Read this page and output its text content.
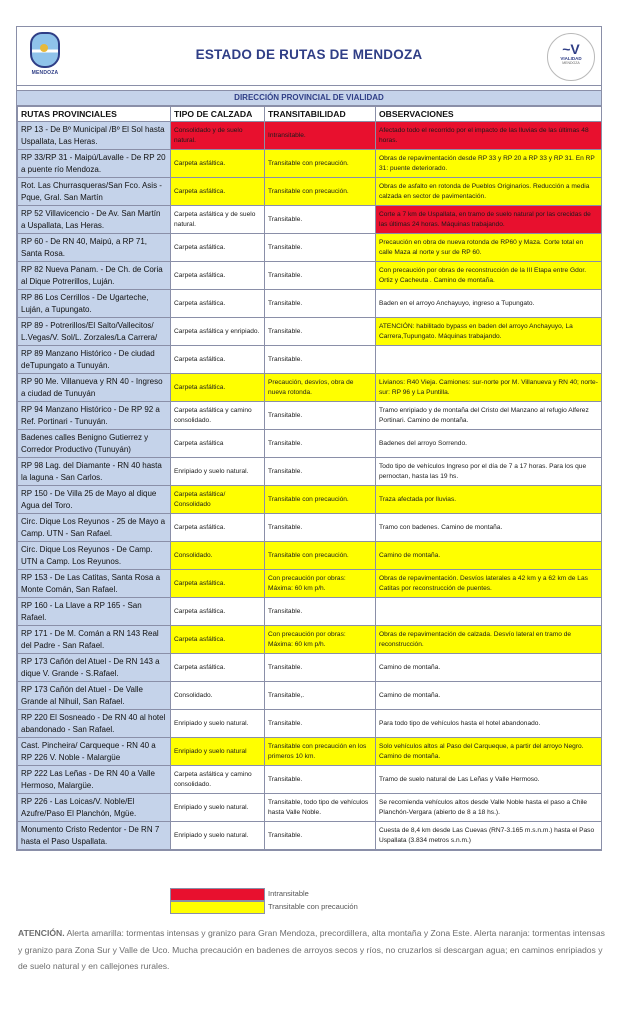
MENDOZA
ESTADO DE RUTAS DE MENDOZA	~V
VIALIDAD
MENDOZA
DIRECCIÓN PROVINCIAL DE VIALIDAD
RUTAS PROVINCIALES	TIPO DE CALZADA	TRANSITABILIDAD	OBSERVACIONES
RP 13 - De Bº Municipal /Bº El Sol hasta Uspallata, Las Heras.	Consolidado y de suelo natural.	Intransitable.	Afectado todo el recorrido por el impacto de las lluvias de las últimas 48 horas.
RP 33/RP 31 - Maipú/Lavalle - De RP 20 a puente río Mendoza.	Carpeta asfáltica.	Transitable con precaución.	Obras de repavimentación desde RP 33 y RP 20 a RP 33 y RP 31. En RP 31: puente deteriorado.
Rot. Las Churrasqueras/San Fco. Asis - Pque, Gral. San Martín	Carpeta asfáltica.	Transitable con precaución.	Obras de asfalto en rotonda de Pueblos Originarios. Reducción a media calzada en sector de pavimentación.
RP 52 Villavicencio - De Av. San Martín a Uspallata, Las Heras.	Carpeta asfáltica y de suelo natural.	Transitable.	Corte a 7 km de Uspallata, en tramo de suelo natural por las crecidas de las últimas 24 horas. Máquinas trabajando.
RP 60 - De RN 40, Maipú, a RP 71, Santa Rosa.	Carpeta asfáltica.	Transitable.	Precaución en obra de nueva rotonda de RP60 y Maza. Corte total en calle Maza al norte y sur de RP 60.
RP 82 Nueva Panam. - De Ch. de Coria al Dique Potrerillos, Luján.	Carpeta asfáltica.	Transitable.	Con precaución por obras de reconstrucción de la III Etapa entre Gdor. Ortiz y Cacheuta . Camino de montaña.
RP 86 Los Cerrillos - De Ugarteche, Luján, a Tupungato.	Carpeta asfáltica.	Transitable.	Baden en el arroyo Anchayuyo, ingreso a Tupungato.
RP 89 - Potrerillos/El Salto/Vallecitos/ L.Vegas/V. Sol/L. Zorzales/La Carrera/	Carpeta asfáltica y enripiado.	Transitable.	ATENCIÓN: habilitado bypass en baden del arroyo Anchayuyo, La Carrera,Tupungato. Máquinas trabajando.
RP 89 Manzano Histórico - De ciudad deTupungato a Tunuyán.	Carpeta asfáltica.	Transitable.	
RP 90 Me. Villanueva y RN 40 - Ingreso a ciudad de Tunuyán	Carpeta asfáltica.	Precaución, desvíos, obra de nueva rotonda.	Livianos: R40 Vieja. Camiones: sur-norte por M. Villanueva y RN 40; norte-sur: RP 96 y La Puntilla.
RP 94 Manzano Histórico - De RP 92 a Ref. Portinari - Tunuyán.	Carpeta asfáltica y camino consolidado.	Transitable.	Tramo enripiado y de montaña del Cristo del Manzano al refugio Alferez Portinari. Camino de montaña.
Badenes calles Benigno Gutierrez y Corredor Productivo (Tunuyán)	Carpeta asfáltica	Transitable.	Badenes del arroyo Sorrendo.
RP 98 Lag. del Diamante - RN 40 hasta la laguna - San Carlos.	Enripiado y suelo natural.	Transitable.	Todo tipo de vehículos Ingreso por el día de 7 a 17 horas. Para los que pernoctan, hasta las 19 hs.
RP 150 - De Villa 25 de Mayo al dique Agua del Toro.	Carpeta asfáltica/ Consolidado	Transitable con precaución.	Traza afectada por lluvias.
Circ. Dique Los Reyunos - 25 de Mayo a Camp. UTN - San Rafael.	Carpeta asfáltica.	Transitable.	Tramo con badenes. Camino de montaña.
Circ. Dique Los Reyunos - De Camp. UTN a Camp. Los Reyunos.	Consolidado.	Transitable con precaución.	Camino de montaña.
RP 153 - De Las Catitas, Santa Rosa a Monte Comán, San Rafael.	Carpeta asfáltica.	Con precaución por obras: Máxima: 60 km p/h.	Obras de repavimentación. Desvíos laterales a 42 km y a 62 km de Las Catitas por reconstrucción de puentes.
RP 160 - La Llave a RP 165 - San Rafael.	Carpeta asfáltica.	Transitable.	
RP 171 - De M. Comán a RN 143 Real del Padre - San Rafael.	Carpeta asfáltica.	Con precaución por obras: Máxima: 60 km p/h.	Obras de repavimentación de calzada. Desvío lateral en tramo de reconstrucción.
RP 173 Cañón del Atuel - De RN 143 a dique V. Grande - S.Rafael.	Carpeta asfáltica.	Transitable.	Camino de montaña.
RP 173 Cañón del Atuel - De Valle Grande al Nihuil, San Rafael.	Consolidado.	Transitable,.	Camino de montaña.
RP 220 El Sosneado - De RN 40 al hotel abandonado - San Rafael.	Enripiado y suelo natural.	Transitable.	Para todo tipo de vehículos hasta el hotel abandonado.
Cast. Pincheira/ Carqueque - RN 40 a RP 226 V. Noble - Malargüe	Enripiado y suelo natural	Transitable con precaución en los primeros 10 km.	Solo vehículos altos al Paso del Carqueque, a partir del arroyo Negro. Camino de montaña.
RP 222 Las Leñas - De RN 40 a Valle Hermoso, Malargüe.	Carpeta asfáltica y camino consolidado.	Transitable.	Tramo de suelo natural de Las Leñas y Valle Hermoso.
RP 226 - Las Loicas/V. Noble/El Azufre/Paso El Planchón, Mgüe.	Enripiado y suelo natural.	Transitable, todo tipo de vehículos hasta Valle Noble.	Se recomienda vehículos altos desde Valle Noble hasta el paso a Chile Planchón-Vergara (abierto de 8 a 18 hs.).
Monumento Cristo Redentor - De RN 7 hasta el Paso Uspallata.	Enripiado y suelo natural.	Transitable.	Cuesta de 8,4 km desde Las Cuevas (RN7-3.165 m.s.n.m.) hasta el Paso Uspallata (3.834 metros s.n.m.)
Intransitable
Transitable con precaución
ATENCIÓN. Alerta amarilla: tormentas intensas y granizo para Gran Mendoza, precordillera, alta montaña y Zona Este. Alerta naranja: tormentas intensas y granizo para Zona Sur y Valle de Uco. Mucha precaución en badenes de arroyos secos y ríos, no cruzarlos si descargan agua; en caminos enripiados y de suelo natural y en callejones rurales.
